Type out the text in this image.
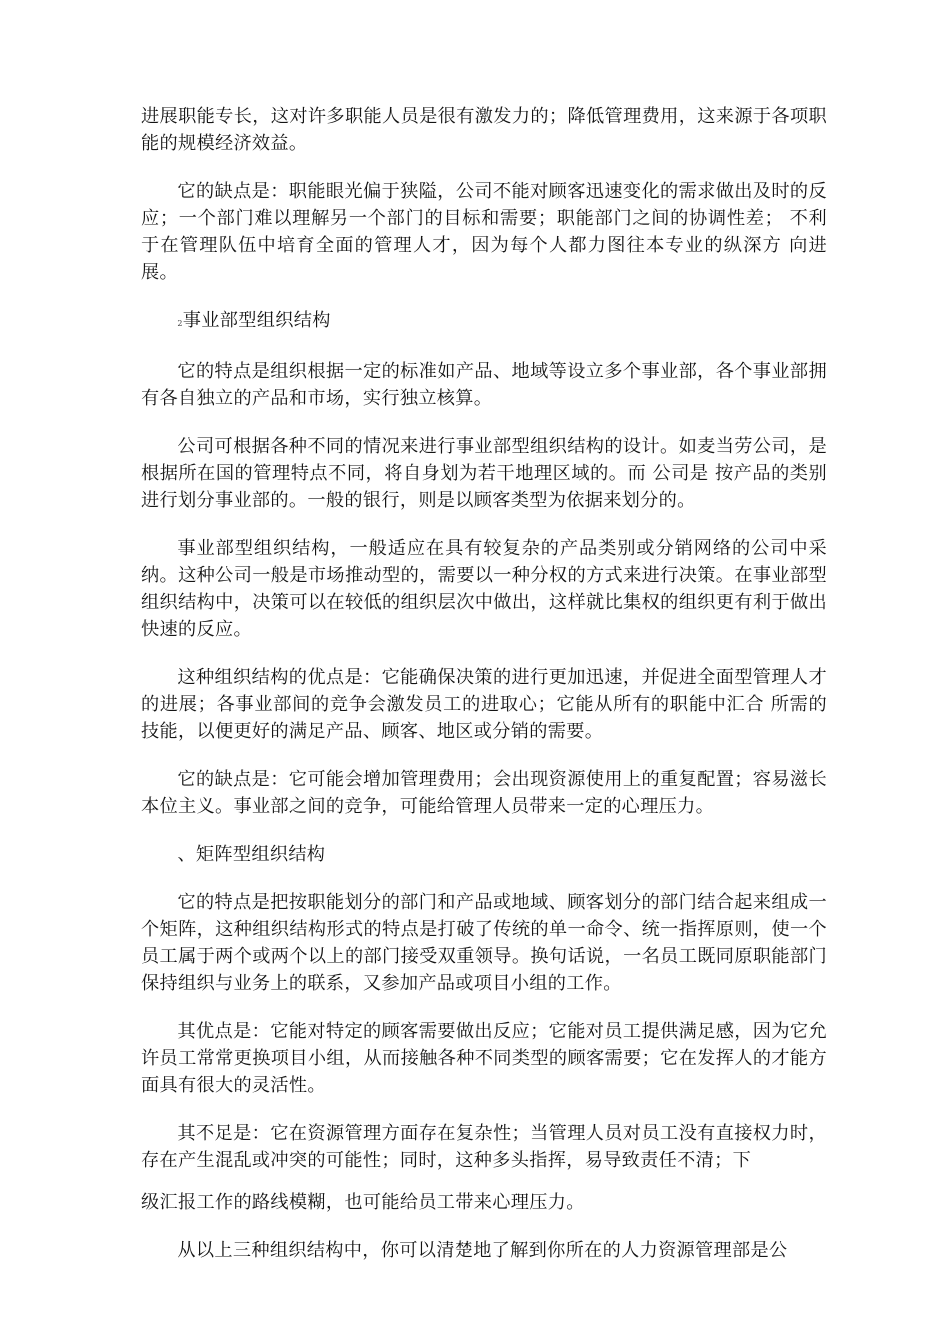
进展职能专长，这对许多职能人员是很有激发力的；降低管理费用，这来源于各项职能的规模经济效益。

它的缺点是：职能眼光偏于狭隘，公司不能对顾客迅速变化的需求做出及时的反应；一个部门难以理解另一个部门的目标和需要；职能部门之间的协调性差； 不利于在管理队伍中培育全面的管理人才，因为每个人都力图往本专业的纵深方 向进展。

2事业部型组织结构

它的特点是组织根据一定的标准如产品、地域等设立多个事业部，各个事业部拥有各自独立的产品和市场，实行独立核算。

公司可根据各种不同的情况来进行事业部型组织结构的设计。如麦当劳公司，是根据所在国的管理特点不同，将自身划为若干地理区域的。而 公司是 按产品的类别进行划分事业部的。一般的银行，则是以顾客类型为依据来划分的。

事业部型组织结构，一般适应在具有较复杂的产品类别或分销网络的公司中采纳。这种公司一般是市场推动型的，需要以一种分权的方式来进行决策。在事业部型组织结构中，决策可以在较低的组织层次中做出，这样就比集权的组织更有利于做出快速的反应。

这种组织结构的优点是：它能确保决策的进行更加迅速，并促进全面型管理人才的进展；各事业部间的竞争会激发员工的进取心；它能从所有的职能中汇合 所需的技能，以便更好的满足产品、顾客、地区或分销的需要。

它的缺点是：它可能会增加管理费用；会出现资源使用上的重复配置；容易滋长本位主义。事业部之间的竞争，可能给管理人员带来一定的心理压力。

、矩阵型组织结构

它的特点是把按职能划分的部门和产品或地域、顾客划分的部门结合起来组成一个矩阵，这种组织结构形式的特点是打破了传统的单一命令、统一指挥原则，使一个员工属于两个或两个以上的部门接受双重领导。换句话说，一名员工既同原职能部门保持组织与业务上的联系，又参加产品或项目小组的工作。

其优点是：它能对特定的顾客需要做出反应；它能对员工提供满足感，因为它允许员工常常更换项目小组，从而接触各种不同类型的顾客需要；它在发挥人的才能方面具有很大的灵活性。

其不足是：它在资源管理方面存在复杂性；当管理人员对员工没有直接权力时，存在产生混乱或冲突的可能性；同时，这种多头指挥，易导致责任不清；下

级汇报工作的路线模糊，也可能给员工带来心理压力。

从以上三种组织结构中，你可以清楚地了解到你所在的人力资源管理部是公
